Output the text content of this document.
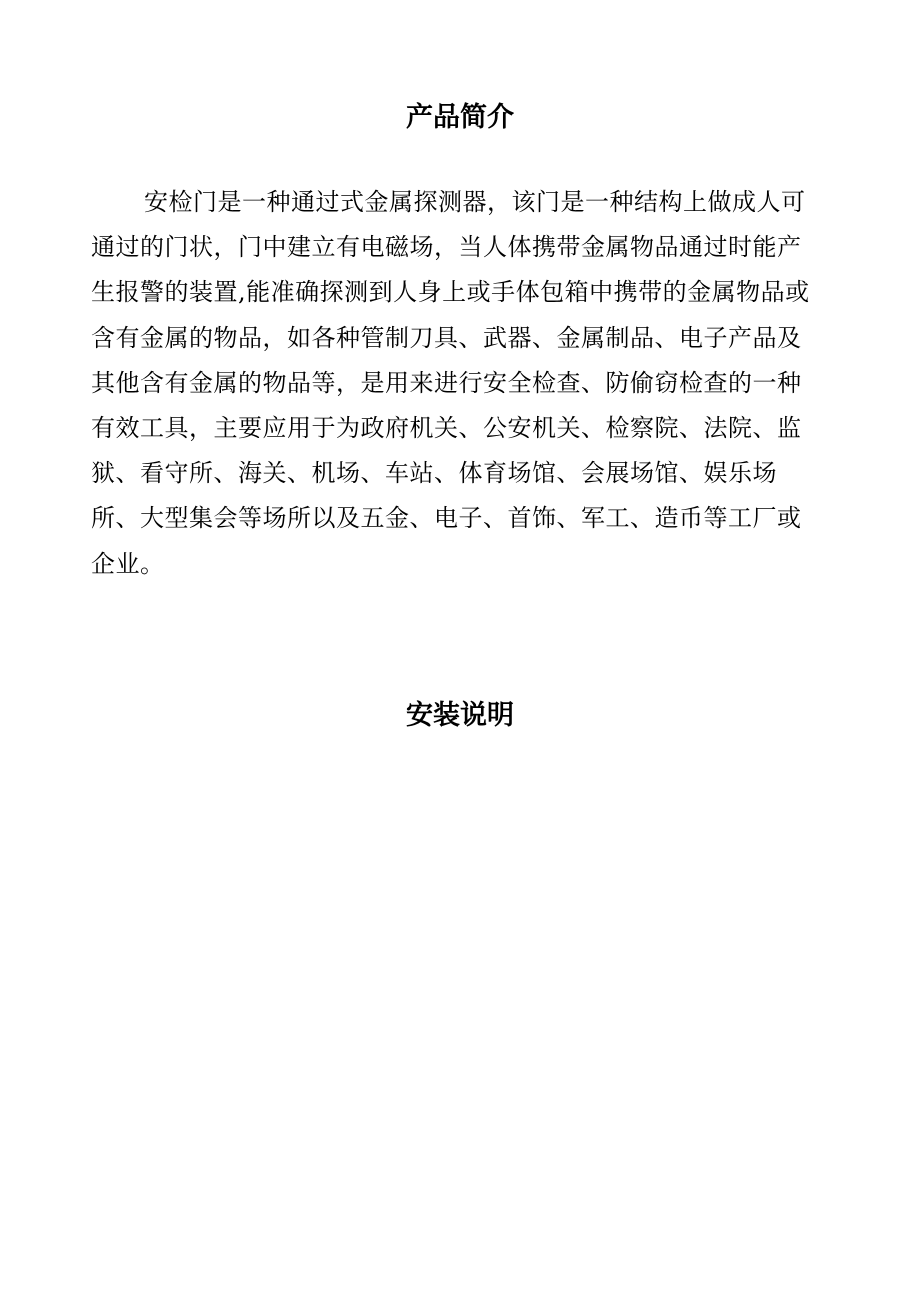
产品简介

安检门是一种通过式金属探测器，该门是一种结构上做成人可通过的门状，门中建立有电磁场，当人体携带金属物品通过时能产生报警的装置,能准确探测到人身上或手体包箱中携带的金属物品或含有金属的物品，如各种管制刀具、武器、金属制品、电子产品及其他含有金属的物品等，是用来进行安全检查、防偷窃检查的一种有效工具，主要应用于为政府机关、公安机关、检察院、法院、监狱、看守所、海关、机场、车站、体育场馆、会展场馆、娱乐场所、大型集会等场所以及五金、电子、首饰、军工、造币等工厂或企业。

安装说明
